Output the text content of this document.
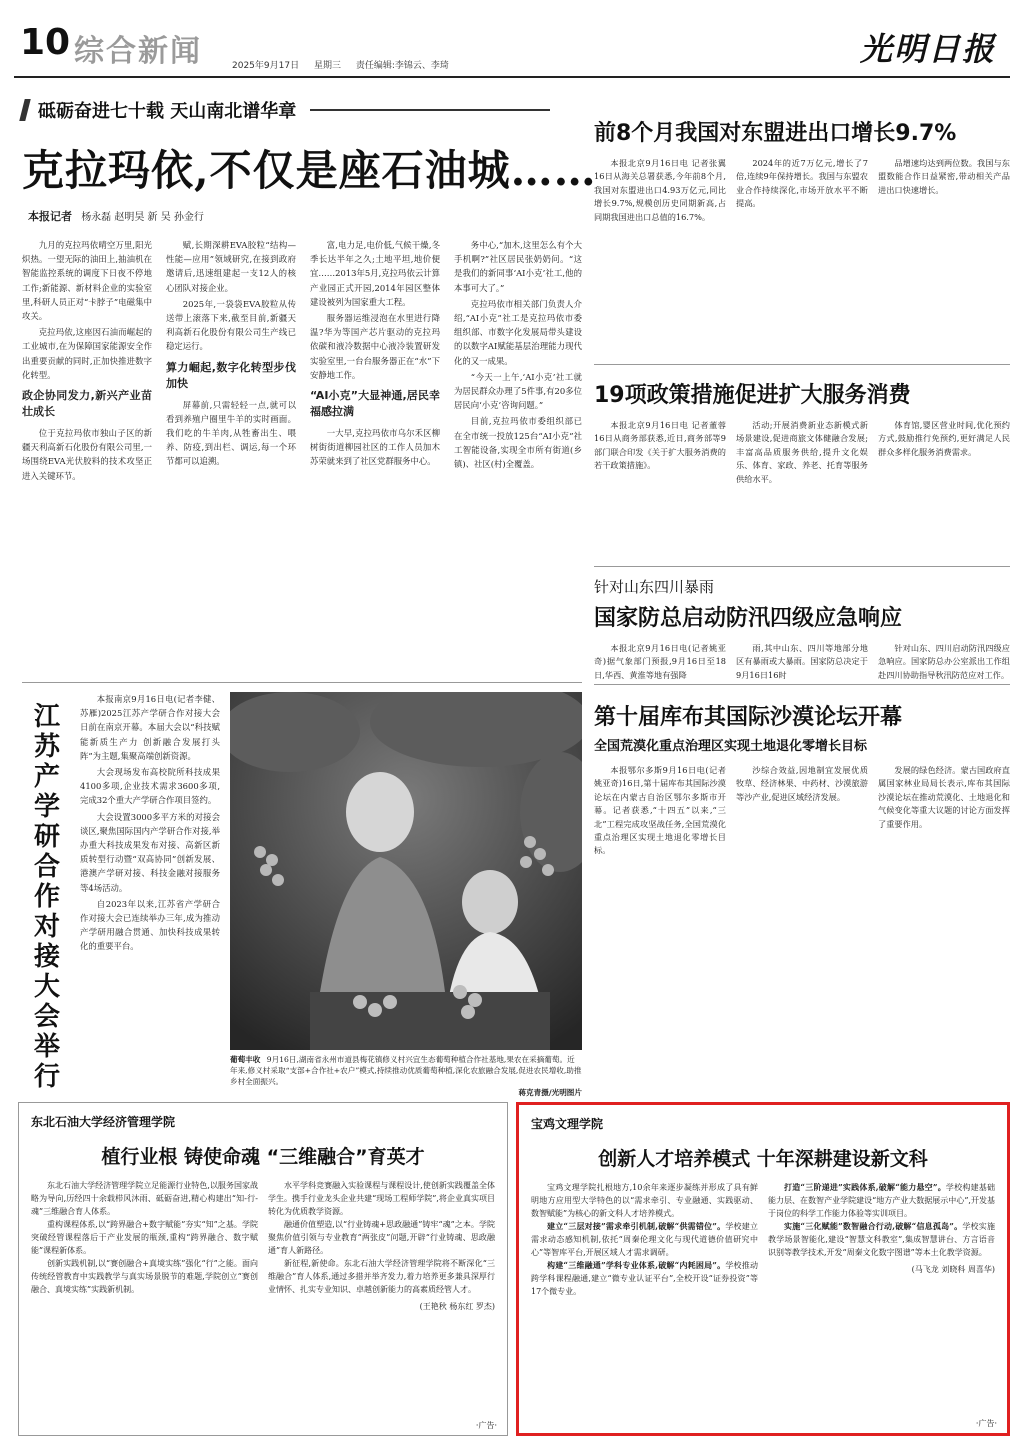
10 综合新闻	2025年9月17日 星期三 责任编辑:李锦云、李琦	光明日报
砥砺奋进七十载 天山南北谱华章
克拉玛依,不仅是座石油城……
本报记者 杨永磊 赵明昊 新 吴 孙金行

九月的克拉玛依晴空万里,阳光炽热。一望无际的油田上,抽油机在智能监控系统的调度下日夜不停地工作;新能源、新材料企业的实验室里,科研人员正对“卡脖子”电磁集中攻关。

克拉玛依,这座因石油而崛起的工业城市,在为保障国家能源安全作出重要贡献的同时,正加快推进数字化转型。

政企协同发力,新兴产业苗壮成长

位于克拉玛依市独山子区的新疆天利高新石化股份有限公司里,一场围绕EVA光伏胶料的技术攻坚正进入关键环节。

赋,长期深耕EVA胶粒“结构—性能—应用”领域研究,在接到政府邀请后,迅速组建起一支12人的核心团队对接企业。

2025年,一袋袋EVA胶粒从传送带上滚落下来,截至目前,新疆天利高新石化股份有限公司生产线已稳定运行。

算力崛起,数字化转型步伐加快

屏幕前,只需轻轻一点,就可以看到养殖户圈里牛羊的实时画面。我们吃的牛羊肉,从牲畜出生、喂养、防疫,到出栏、调运,每一个环节都可以追溯。

富,电力足,电价低,气候干燥,冬季长达半年之久;土地平坦,地价便宜……2013年5月,克拉玛依云计算产业园正式开园,2014年园区整体建设被列为国家重大工程。

服务器运维浸泡在水里进行降温?华为等国产芯片驱动的克拉玛依碳和液冷数据中心液冷装置研发实验室里,一台台服务器正在“水”下安静地工作。

“AI小克”大显神通,居民幸福感拉满

一大早,克拉玛依市乌尔禾区柳树街街道柳园社区的工作人员加木苏荣就来到了社区党群服务中心。

务中心,“加木,这里怎么有个大手机啊?”社区居民张奶奶问。“这是我们的新同事‘AI小克’社工,他的本事可大了。”

克拉玛依市相关部门负责人介绍,“AI小克”社工是克拉玛依市委组织部、市数字化发展局带头建设的以数字AI赋能基层治理能力现代化的又一成果。

“今天一上午,‘AI小克’社工就为居民群众办理了5件事,有20多位居民向‘小克’咨询问题。”

目前,克拉玛依市委组织部已在全市统一投放125台“AI小克”社工智能设备,实现全市所有街道(乡镇)、社区(村)全覆盖。

前8个月我国对东盟进出口增长9.7%

本报北京9月16日电 记者张翼16日从海关总署获悉,今年前8个月,我国对东盟进出口4.93万亿元,同比增长9.7%,规模创历史同期新高,占同期我国进出口总值的16.7%。

2024年的近7万亿元,增长了7倍,连续9年保持增长。我国与东盟农业合作持续深化,市场开放水平不断提高。

品增速均达到两位数。我国与东盟数能合作日益紧密,带动相关产品进出口快速增长。

19项政策措施促进扩大服务消费

本报北京9月16日电 记者董蓉16日从商务部获悉,近日,商务部等9部门联合印发《关于扩大服务消费的若干政策措施》。

活动;开展消费新业态新模式新场景建设,促进商旅文体健融合发展;丰富高品质服务供给,提升文化娱乐、体育、家政、养老、托育等服务供给水平。

体育馆,婴区营业时间,优化预约方式,鼓励推行免预约,更好满足人民群众多样化服务消费需求。

针对山东四川暴雨
国家防总启动防汛四级应急响应

本报北京9月16日电(记者姚亚奇)据气象部门预报,9月16日至18日,华西、黄淮等地有强降

雨,其中山东、四川等地部分地区有暴雨或大暴雨。国家防总决定于9月16日16时

针对山东、四川启动防汛四级应急响应。国家防总办公室派出工作组赴四川协助指导秋汛防范应对工作。

第十届库布其国际沙漠论坛开幕
全国荒漠化重点治理区实现土地退化零增长目标

本报鄂尔多斯9月16日电(记者姚亚奇)16日,第十届库布其国际沙漠论坛在内蒙古自治区鄂尔多斯市开幕。记者获悉,“十四五”以来,“三北”工程完成攻坚战任务,全国荒漠化重点治理区实现土地退化零增长目标。

沙综合效益,因地制宜发展优质牧草、经济林果、中药材、沙漠旅游等沙产业,促进区域经济发展。

发展的绿色经济。蒙古国政府直属国家林业局局长表示,库布其国际沙漠论坛在推动荒漠化、土地退化和气候变化等重大议题的讨论方面发挥了重要作用。

江苏产学研合作对接大会举行

本报南京9月16日电(记者李健、苏雁)2025江苏产学研合作对接大会日前在南京开幕。本届大会以“科技赋能新质生产力 创新融合发展打头阵”为主题,集聚高端创新资源。

大会现场发布高校院所科技成果4100多项,企业技术需求3600多项,完成32个重大产学研合作项目签约。

大会设置3000多平方米的对接会谈区,聚焦国际国内产学研合作对接,举办重大科技成果发布对接、高新区新质转型行动暨“双高协同”创新发展、港澳产学研对接、科技金融对接服务等4场活动。

自2023年以来,江苏省产学研合作对接大会已连续举办三年,成为推动产学研用融合贯通、加快科技成果转化的重要平台。

葡萄丰收 9月16日,湖南省永州市道县梅花镇修义村兴宜生态葡萄种植合作社基地,果农在采摘葡萄。近年来,修义村采取“支部+合作社+农户”模式,持续推动优质葡萄种植,深化农旅融合发展,促进农民增收,助推乡村全面振兴。
蒋克青摄/光明图片
东北石油大学经济管理学院
植行业根 铸使命魂 “三维融合”育英才

东北石油大学经济管理学院立足能源行业特色,以服务国家战略为导向,历经四十余载栉风沐雨、砥砺奋进,精心构建出“知-行-魂”三维融合育人体系。

重构课程体系,以“跨界融合+数字赋能”夯实“知”之基。学院突破经管课程落后于产业发展的瓶颈,重构“跨界融合、数字赋能”课程新体系。

创新实践机制,以“赛创融合+真境实练”强化“行”之能。面向传统经管教育中实践教学与真实场景脱节的难题,学院创立“赛创融合、真境实练”实践新机制。

水平学科竞赛融入实验课程与课程设计,使创新实践覆盖全体学生。携手行业龙头企业共建“现场工程师学院”,将企业真实项目转化为优质教学资源。

融通价值塑造,以“行业铸魂+思政融通”铸牢“魂”之本。学院聚焦价值引领与专业教育“两张皮”问题,开辟“行业铸魂、思政融通”育人新路径。

新征程,新使命。东北石油大学经济管理学院将不断深化“三维融合”育人体系,通过多措并举齐发力,着力培养更多兼具深厚行业情怀、扎实专业知识、卓越创新能力的高素质经管人才。

(王艳秋 杨东红 罗杰)
·广告·
宝鸡文理学院
创新人才培养模式 十年深耕建设新文科

宝鸡文理学院扎根地方,10余年来逐步凝练并形成了具有鲜明地方应用型大学特色的以“需求牵引、专业融通、实践驱动、数智赋能”为核心的新文科人才培养模式。

建立“三层对接”需求牵引机制,破解“供需错位”。学校建立需求动态感知机制,依托“周秦伦理文化与现代道德价值研究中心”等智库平台,开展区域人才需求调研。

构建“三维融通”学科专业体系,破解“内耗困局”。学校推动跨学科课程融通,建立“微专业认证平台”,全校开设“证券投资”等17个微专业。

打造“三阶递进”实践体系,破解“能力悬空”。学校构建基础能力层、在数智产业学院建设“地方产业大数据展示中心”,开发基于岗位的科学工作能力体验等实训项目。

实施“三化赋能”数智融合行动,破解“信息孤岛”。学校实施教学场景智能化,建设“智慧文科教室”,集成智慧讲台、方言语音识别等教学技术,开发“周秦文化数字图谱”等本土化教学资源。

(马飞龙 刘晓科 周喜华)
·广告·
